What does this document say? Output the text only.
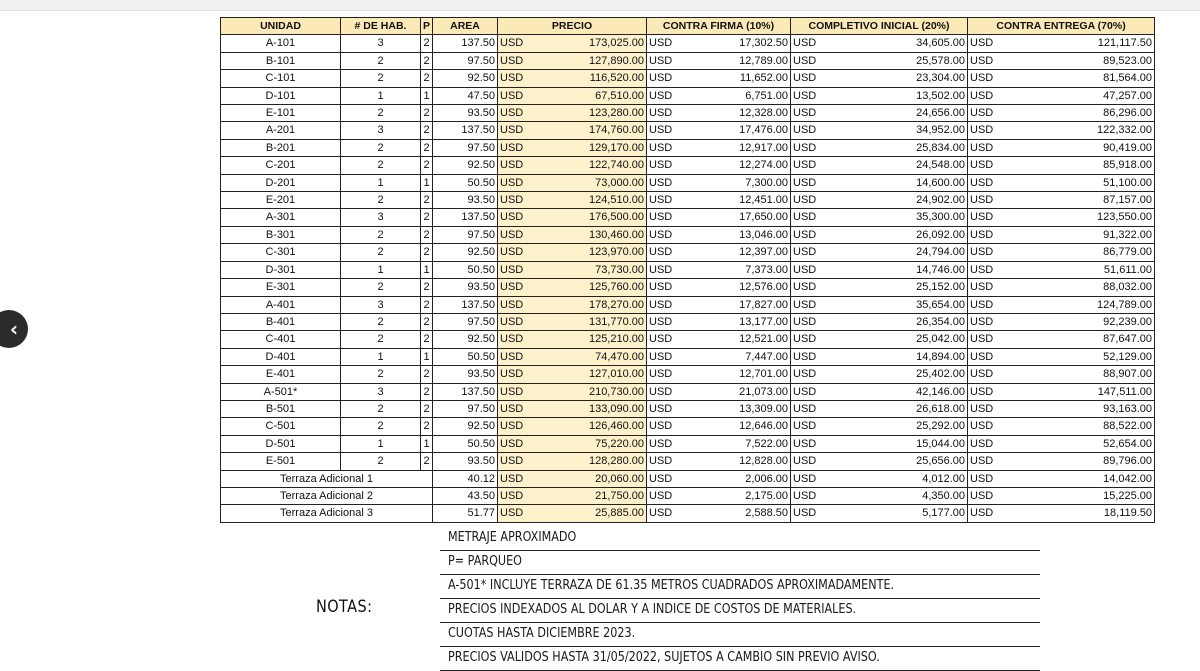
‹
UNIDAD	# DE HAB.	P	AREA	PRECIO		CONTRA FIRMA (10%)		COMPLETIVO INICIAL (20%)		CONTRA ENTREGA (70%)	
A-101	3	2	137.50	USD	173,025.00	USD	17,302.50	USD	34,605.00	USD	121,117.50
B-101	2	2	97.50	USD	127,890.00	USD	12,789.00	USD	25,578.00	USD	89,523.00
C-101	2	2	92.50	USD	116,520.00	USD	11,652.00	USD	23,304.00	USD	81,564.00
D-101	1	1	47.50	USD	67,510.00	USD	6,751.00	USD	13,502.00	USD	47,257.00
E-101	2	2	93.50	USD	123,280.00	USD	12,328.00	USD	24,656.00	USD	86,296.00
A-201	3	2	137.50	USD	174,760.00	USD	17,476.00	USD	34,952.00	USD	122,332.00
B-201	2	2	97.50	USD	129,170.00	USD	12,917.00	USD	25,834.00	USD	90,419.00
C-201	2	2	92.50	USD	122,740.00	USD	12,274.00	USD	24,548.00	USD	85,918.00
D-201	1	1	50.50	USD	73,000.00	USD	7,300.00	USD	14,600.00	USD	51,100.00
E-201	2	2	93.50	USD	124,510.00	USD	12,451.00	USD	24,902.00	USD	87,157.00
A-301	3	2	137.50	USD	176,500.00	USD	17,650.00	USD	35,300.00	USD	123,550.00
B-301	2	2	97.50	USD	130,460.00	USD	13,046.00	USD	26,092.00	USD	91,322.00
C-301	2	2	92.50	USD	123,970.00	USD	12,397.00	USD	24,794.00	USD	86,779.00
D-301	1	1	50.50	USD	73,730.00	USD	7,373.00	USD	14,746.00	USD	51,611.00
E-301	2	2	93.50	USD	125,760.00	USD	12,576.00	USD	25,152.00	USD	88,032.00
A-401	3	2	137.50	USD	178,270.00	USD	17,827.00	USD	35,654.00	USD	124,789.00
B-401	2	2	97.50	USD	131,770.00	USD	13,177.00	USD	26,354.00	USD	92,239.00
C-401	2	2	92.50	USD	125,210.00	USD	12,521.00	USD	25,042.00	USD	87,647.00
D-401	1	1	50.50	USD	74,470.00	USD	7,447.00	USD	14,894.00	USD	52,129.00
E-401	2	2	93.50	USD	127,010.00	USD	12,701.00	USD	25,402.00	USD	88,907.00
A-501*	3	2	137.50	USD	210,730.00	USD	21,073.00	USD	42,146.00	USD	147,511.00
B-501	2	2	97.50	USD	133,090.00	USD	13,309.00	USD	26,618.00	USD	93,163.00
C-501	2	2	92.50	USD	126,460.00	USD	12,646.00	USD	25,292.00	USD	88,522.00
D-501	1	1	50.50	USD	75,220.00	USD	7,522.00	USD	15,044.00	USD	52,654.00
E-501	2	2	93.50	USD	128,280.00	USD	12,828.00	USD	25,656.00	USD	89,796.00
Terraza Adicional 1			40.12	USD	20,060.00	USD	2,006.00	USD	4,012.00	USD	14,042.00
Terraza Adicional 2			43.50	USD	21,750.00	USD	2,175.00	USD	4,350.00	USD	15,225.00
Terraza Adicional 3			51.77	USD	25,885.00	USD	2,588.50	USD	5,177.00	USD	18,119.50
NOTAS:
METRAJE APROXIMADO
P= PARQUEO
A-501* INCLUYE TERRAZA DE 61.35 METROS CUADRADOS APROXIMADAMENTE.
PRECIOS INDEXADOS AL DOLAR Y A INDICE DE COSTOS DE MATERIALES.
CUOTAS HASTA DICIEMBRE 2023.
PRECIOS VALIDOS HASTA 31/05/2022, SUJETOS A CAMBIO SIN PREVIO AVISO.
